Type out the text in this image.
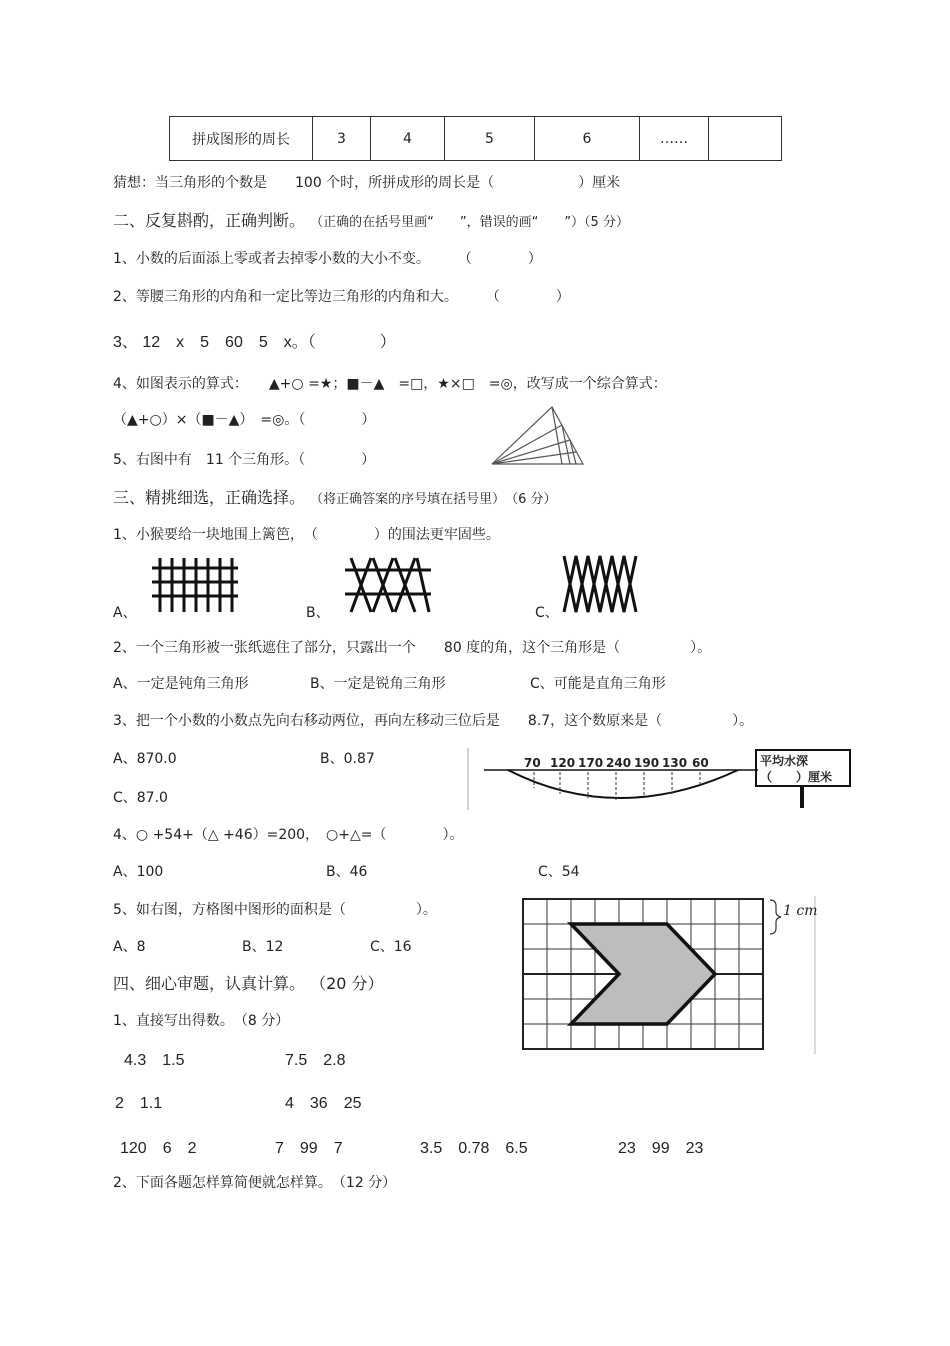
拼成图形的周长	3	4	5	6	……	
猜想：当三角形的个数是　　100 个时，所拼成形的周长是（　　　　　　）厘米
二、反复斟酌，正确判断。 （正确的在括号里画“　　”，错误的画“　　”）（5 分）
1、小数的后面添上零或者去掉零小数的大小不变。　　　（　　　　）
2、等腰三角形的内角和一定比等边三角形的内角和大。　　　（　　　　）
3、 12　x　5　60　5　x。（　　　　）
4、如图表示的算式：　　▲+○ =★；■－▲　=□，★×□　=◎，改写成一个综合算式：
（▲+○）×（■－▲）　=◎。（　　　　）
5、右图中有　11 个三角形。（　　　　）
三、精挑细选，正确选择。 （将正确答案的序号填在括号里）　（6 分）
1、小猴要给一块地围上篱笆，　（　　　　）的围法更牢固些。
A、	B、	C、
2、一个三角形被一张纸遮住了部分，只露出一个　　80 度的角，这个三角形是（　　　　　）。
A、一定是钝角三角形	B、一定是锐角三角形	C、可能是直角三角形
3、把一个小数的小数点先向右移动两位，再向左移动三位后是　　8.7，这个数原来是（　　　　　）。
A、870.0	B、0.87
C、87.0
70 120 170 240 190 130 60	平均水深
（　　）厘米
4、○ +54+（△ +46）=200，　○+△=（　　　　）。
A、100	B、46	C、54
5、如右图，方格图中图形的面积是（　　　　　）。
A、8	B、12	C、16
1 cm
四、细心审题，认真计算。 （20 分）
1、直接写出得数。　（8 分）
4.3　1.5	7.5　2.8
2　1.1	4　36　25
120　6　2	7　99　7	3.5　0.78　6.5	23　99　23
2、下面各题怎样算简便就怎样算。　（12 分）
